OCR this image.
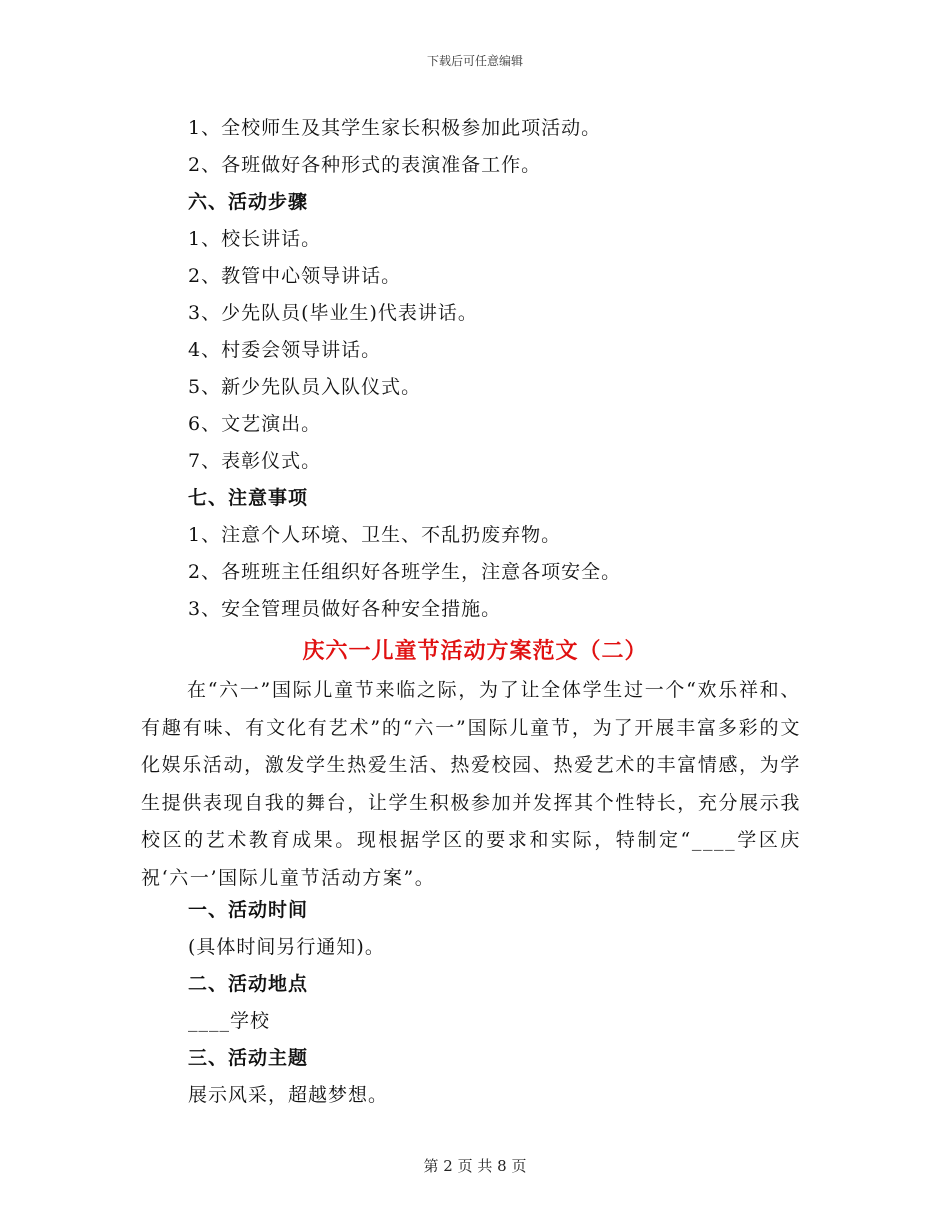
下载后可任意编辑
1、全校师生及其学生家长积极参加此项活动。
2、各班做好各种形式的表演准备工作。
六、活动步骤
1、校长讲话。
2、教管中心领导讲话。
3、少先队员(毕业生)代表讲话。
4、村委会领导讲话。
5、新少先队员入队仪式。
6、文艺演出。
7、表彰仪式。
七、注意事项
1、注意个人环境、卫生、不乱扔废弃物。
2、各班班主任组织好各班学生，注意各项安全。
3、安全管理员做好各种安全措施。
庆六一儿童节活动方案范文（二）
在“六一”国际儿童节来临之际，为了让全体学生过一个“欢乐祥和、有趣有味、有文化有艺术”的“六一”国际儿童节，为了开展丰富多彩的文化娱乐活动，激发学生热爱生活、热爱校园、热爱艺术的丰富情感，为学生提供表现自我的舞台，让学生积极参加并发挥其个性特长，充分展示我校区的艺术教育成果。现根据学区的要求和实际，特制定“____学区庆祝‘六一’国际儿童节活动方案”。
一、活动时间
(具体时间另行通知)。
二、活动地点
____学校
三、活动主题
展示风采，超越梦想。
第 2 页 共 8 页
